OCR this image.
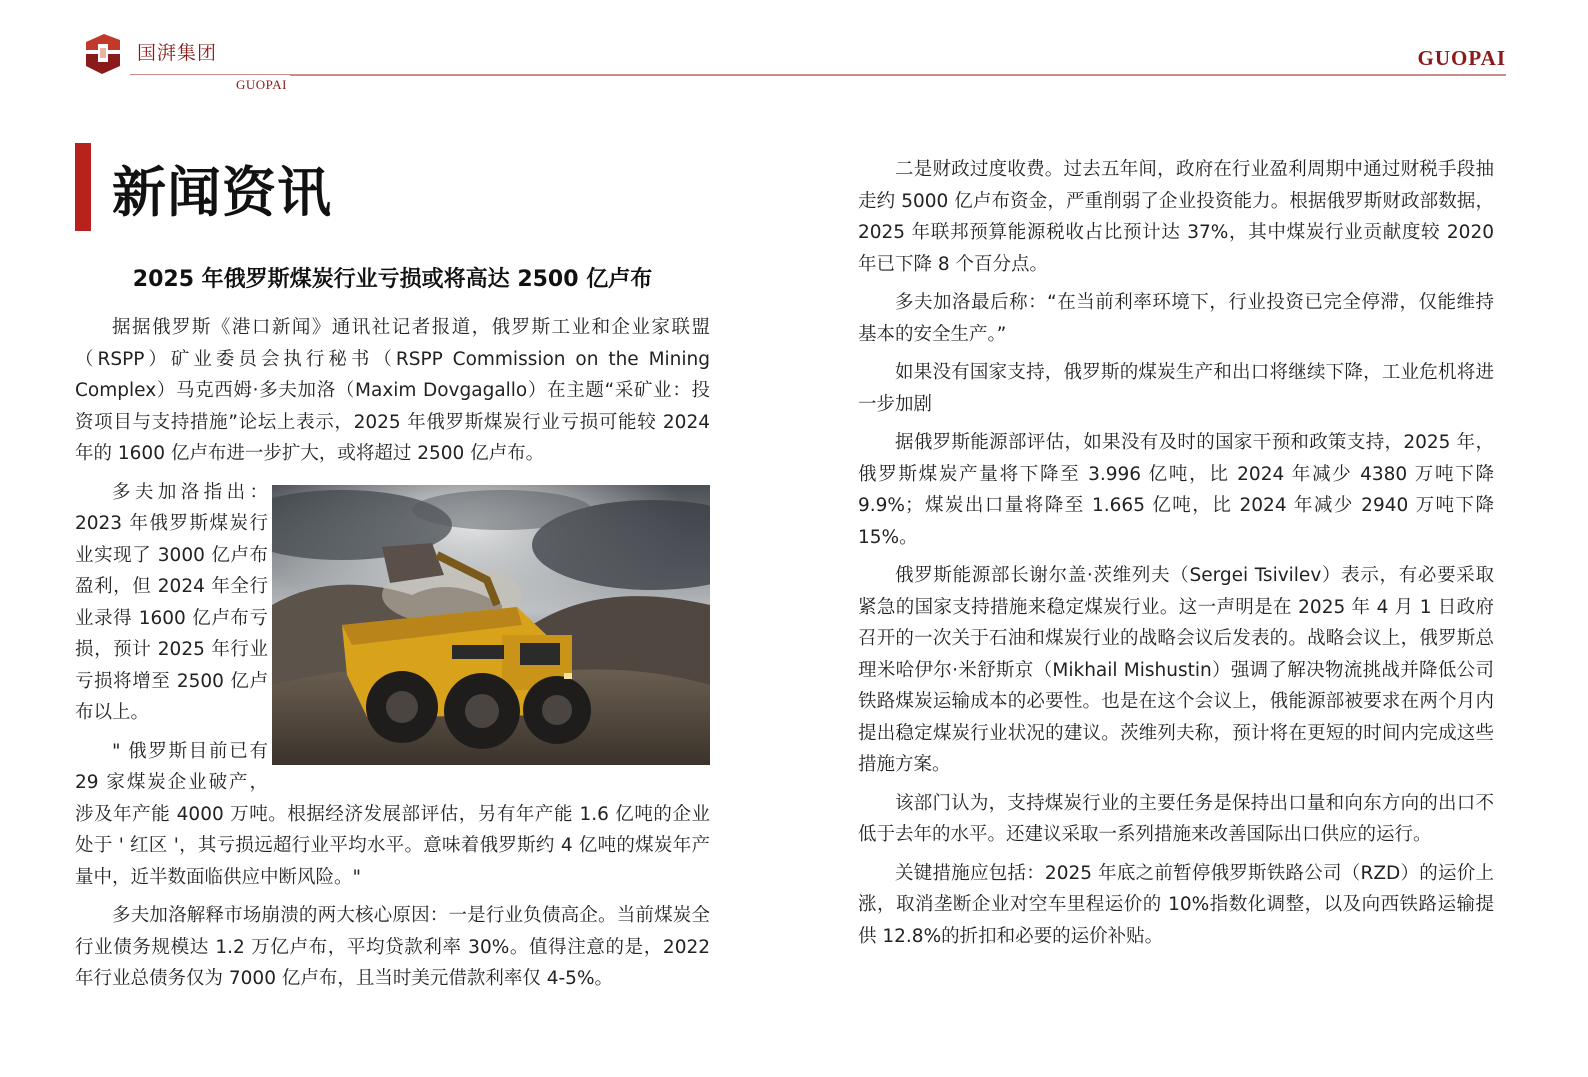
国湃集团
GUOPAI
GUOPAI
新闻资讯
2025 年俄罗斯煤炭行业亏损或将高达 2500 亿卢布

据据俄罗斯《港口新闻》通讯社记者报道，俄罗斯工业和企业家联盟（RSPP）矿业委员会执行秘书（RSPP Commission on the Mining Complex）马克西姆·多夫加洛（Maxim Dovgagallo）在主题“采矿业：投资项目与支持措施”论坛上表示，2025 年俄罗斯煤炭行业亏损可能较 2024 年的 1600 亿卢布进一步扩大，或将超过 2500 亿卢布。

多夫加洛指出：2023 年俄罗斯煤炭行业实现了 3000 亿卢布盈利，但 2024 年全行业录得 1600 亿卢布亏损，预计 2025 年行业亏损将增至 2500 亿卢布以上。

" 俄罗斯目前已有 29 家煤炭企业破产，涉及年产能 4000 万吨。根据经济发展部评估，另有年产能 1.6 亿吨的企业处于 ' 红区 '，其亏损远超行业平均水平。意味着俄罗斯约 4 亿吨的煤炭年产量中，近半数面临供应中断风险。"

多夫加洛解释市场崩溃的两大核心原因：一是行业负债高企。当前煤炭全行业债务规模达 1.2 万亿卢布，平均贷款利率 30%。值得注意的是，2022 年行业总债务仅为 7000 亿卢布，且当时美元借款利率仅 4-5%。

二是财政过度收费。过去五年间，政府在行业盈利周期中通过财税手段抽走约 5000 亿卢布资金，严重削弱了企业投资能力。根据俄罗斯财政部数据，2025 年联邦预算能源税收占比预计达 37%，其中煤炭行业贡献度较 2020 年已下降 8 个百分点。

多夫加洛最后称：“在当前利率环境下，行业投资已完全停滞，仅能维持基本的安全生产。”

如果没有国家支持，俄罗斯的煤炭生产和出口将继续下降，工业危机将进一步加剧

据俄罗斯能源部评估，如果没有及时的国家干预和政策支持，2025 年，俄罗斯煤炭产量将下降至 3.996 亿吨，比 2024 年减少 4380 万吨下降 9.9%；煤炭出口量将降至 1.665 亿吨，比 2024 年减少 2940 万吨下降 15%。

俄罗斯能源部长谢尔盖·茨维列夫（Sergei Tsivilev）表示，有必要采取紧急的国家支持措施来稳定煤炭行业。这一声明是在 2025 年 4 月 1 日政府召开的一次关于石油和煤炭行业的战略会议后发表的。战略会议上，俄罗斯总理米哈伊尔·米舒斯京（Mikhail Mishustin）强调了解决物流挑战并降低公司铁路煤炭运输成本的必要性。也是在这个会议上，俄能源部被要求在两个月内提出稳定煤炭行业状况的建议。茨维列夫称，预计将在更短的时间内完成这些措施方案。

该部门认为，支持煤炭行业的主要任务是保持出口量和向东方向的出口不低于去年的水平。还建议采取一系列措施来改善国际出口供应的运行。

关键措施应包括：2025 年底之前暂停俄罗斯铁路公司（RZD）的运价上涨，取消垄断企业对空车里程运价的 10%指数化调整，以及向西铁路运输提供 12.8%的折扣和必要的运价补贴。
